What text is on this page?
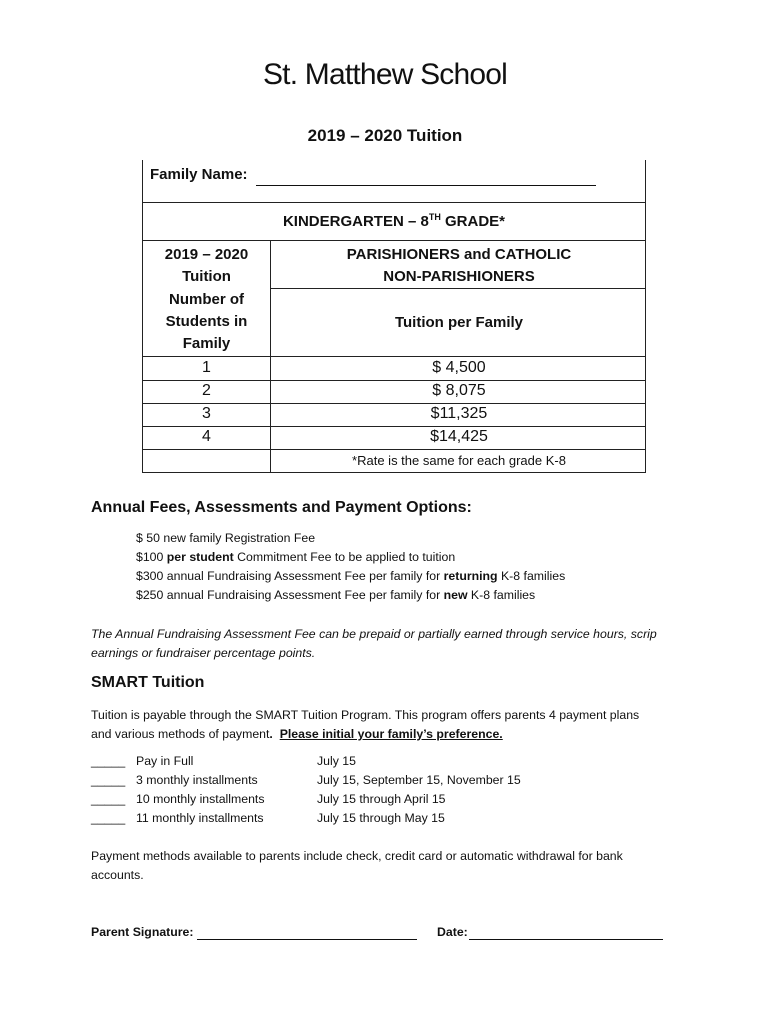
St. Matthew School
2019 – 2020 Tuition
Family Name:
KINDERGARTEN – 8TH GRADE*
2019 – 2020
Tuition
PARISHIONERS and CATHOLIC
NON-PARISHIONERS
Number of
Students in
Family
Tuition per Family
1	$ 4,500
2	$ 8,075
3	$11,325
4	$14,425
*Rate is the same for each grade K-8
Annual Fees, Assessments and Payment Options:
$ 50 new family Registration Fee
$100 per student Commitment Fee to be applied to tuition
$300 annual Fundraising Assessment Fee per family for returning K-8 families
$250 annual Fundraising Assessment Fee per family for new K-8 families
The Annual Fundraising Assessment Fee can be prepaid or partially earned through service hours, scrip earnings or fundraiser percentage points.
SMART Tuition
Tuition is payable through the SMART Tuition Program. This program offers parents 4 payment plans
and various methods of payment. Please initial your family’s preference.
_____ Pay in Full	July 15
_____ 3 monthly installments	July 15, September 15, November 15
_____ 10 monthly installments	July 15 through April 15
_____ 11 monthly installments	July 15 through May 15
Payment methods available to parents include check, credit card or automatic withdrawal for bank accounts.
Parent Signature:	Date:
